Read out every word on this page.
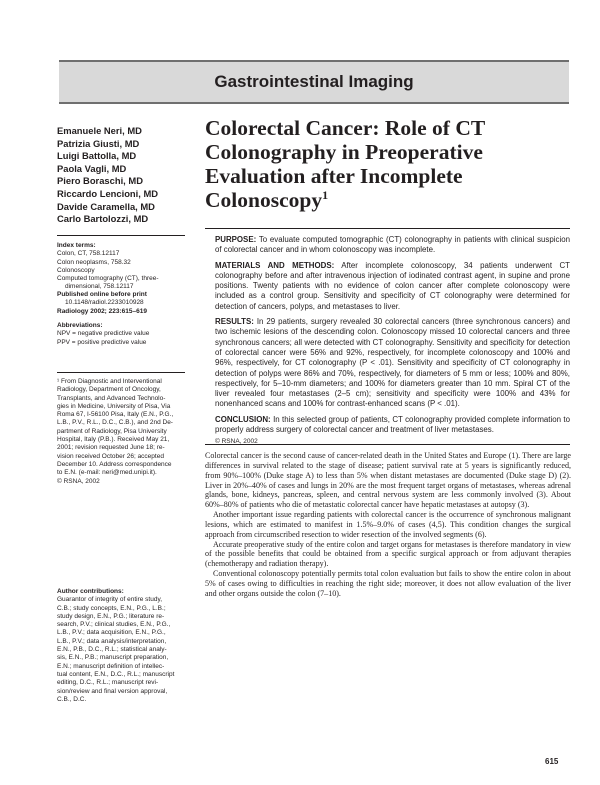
Gastrointestinal Imaging
Emanuele Neri, MD
Patrizia Giusti, MD
Luigi Battolla, MD
Paola Vagli, MD
Piero Boraschi, MD
Riccardo Lencioni, MD
Davide Caramella, MD
Carlo Bartolozzi, MD
Colorectal Cancer: Role of CT Colonography in Preoperative Evaluation after Incomplete Colonoscopy$^1$

Index terms:

Colon, CT, 758.12117

Colon neoplasms, 758.32

Colonoscopy

Computed tomography (CT), three-

dimensional, 758.12117

Published online before print

10.1148/radiol.2233010928

Radiology 2002; 223:615–619

Abbreviations:

NPV = negative predictive value

PPV = positive predictive value

¹ From Diagnostic and Interventional

Radiology, Department of Oncology,

Transplants, and Advanced Technolo-

gies in Medicine, University of Pisa, Via

Roma 67, I-56100 Pisa, Italy (E.N., P.G.,

L.B., P.V., R.L., D.C., C.B.), and 2nd De-

partment of Radiology, Pisa University

Hospital, Italy (P.B.). Received May 21,

2001; revision requested June 18; re-

vision received October 26; accepted

December 10. Address correspondence

to E.N. (e-mail: neri@med.unipi.it).

© RSNA, 2002

Author contributions:

Guarantor of integrity of entire study,

C.B.; study concepts, E.N., P.G., L.B.;

study design, E.N., P.G.; literature re-

search, P.V.; clinical studies, E.N., P.G.,

L.B., P.V.; data acquisition, E.N., P.G.,

L.B., P.V.; data analysis/interpretation,

E.N., P.B., D.C., R.L.; statistical analy-

sis, E.N., P.B.; manuscript preparation,

E.N.; manuscript definition of intellec-

tual content, E.N., D.C., R.L.; manuscript

editing, D.C., R.L.; manuscript revi-

sion/review and final version approval,

C.B., D.C.

PURPOSE: To evaluate computed tomographic (CT) colonography in patients with clinical suspicion of colorectal cancer and in whom colonoscopy was incomplete.

MATERIALS AND METHODS: After incomplete colonoscopy, 34 patients underwent CT colonography before and after intravenous injection of iodinated contrast agent, in supine and prone positions. Twenty patients with no evidence of colon cancer after complete colonoscopy were included as a control group. Sensitivity and specificity of CT colonography were determined for detection of cancers, polyps, and metastases to liver.

RESULTS: In 29 patients, surgery revealed 30 colorectal cancers (three synchronous cancers) and two ischemic lesions of the descending colon. Colonoscopy missed 10 colorectal cancers and three synchronous cancers; all were detected with CT colonography. Sensitivity and specificity for detection of colorectal cancer were 56% and 92%, respectively, for incomplete colonoscopy and 100% and 96%, respectively, for CT colonography (P < .01). Sensitivity and specificity of CT colonography in detection of polyps were 86% and 70%, respectively, for diameters of 5 mm or less; 100% and 80%, respectively, for 5–10-mm diameters; and 100% for diameters greater than 10 mm. Spiral CT of the liver revealed four metastases (2–5 cm); sensitivity and specificity were 100% and 43% for nonenhanced scans and 100% for contrast-enhanced scans (P < .01).

CONCLUSION: In this selected group of patients, CT colonography provided complete information to properly address surgery of colorectal cancer and treatment of liver metastases.

© RSNA, 2002

Colorectal cancer is the second cause of cancer-related death in the United States and Europe (1). There are large differences in survival related to the stage of disease; patient survival rate at 5 years is significantly reduced, from 90%–100% (Duke stage A) to less than 5% when distant metastases are documented (Duke stage D) (2). Liver in 20%–40% of cases and lungs in 20% are the most frequent target organs of metastases, whereas adrenal glands, bone, kidneys, pancreas, spleen, and central nervous system are less commonly involved (3). About 60%–80% of patients who die of metastatic colorectal cancer have hepatic metastases at autopsy (3).

Another important issue regarding patients with colorectal cancer is the occurrence of synchronous malignant lesions, which are estimated to manifest in 1.5%–9.0% of cases (4,5). This condition changes the surgical approach from circumscribed resection to wider resection of the involved segments (6).

Accurate preoperative study of the entire colon and target organs for metastases is therefore mandatory in view of the possible benefits that could be obtained from a specific surgical approach or from adjuvant therapies (chemotherapy and radiation therapy).

Conventional colonoscopy potentially permits total colon evaluation but fails to show the entire colon in about 5% of cases owing to difficulties in reaching the right side; moreover, it does not allow evaluation of the liver and other organs outside the colon (7–10).

615
